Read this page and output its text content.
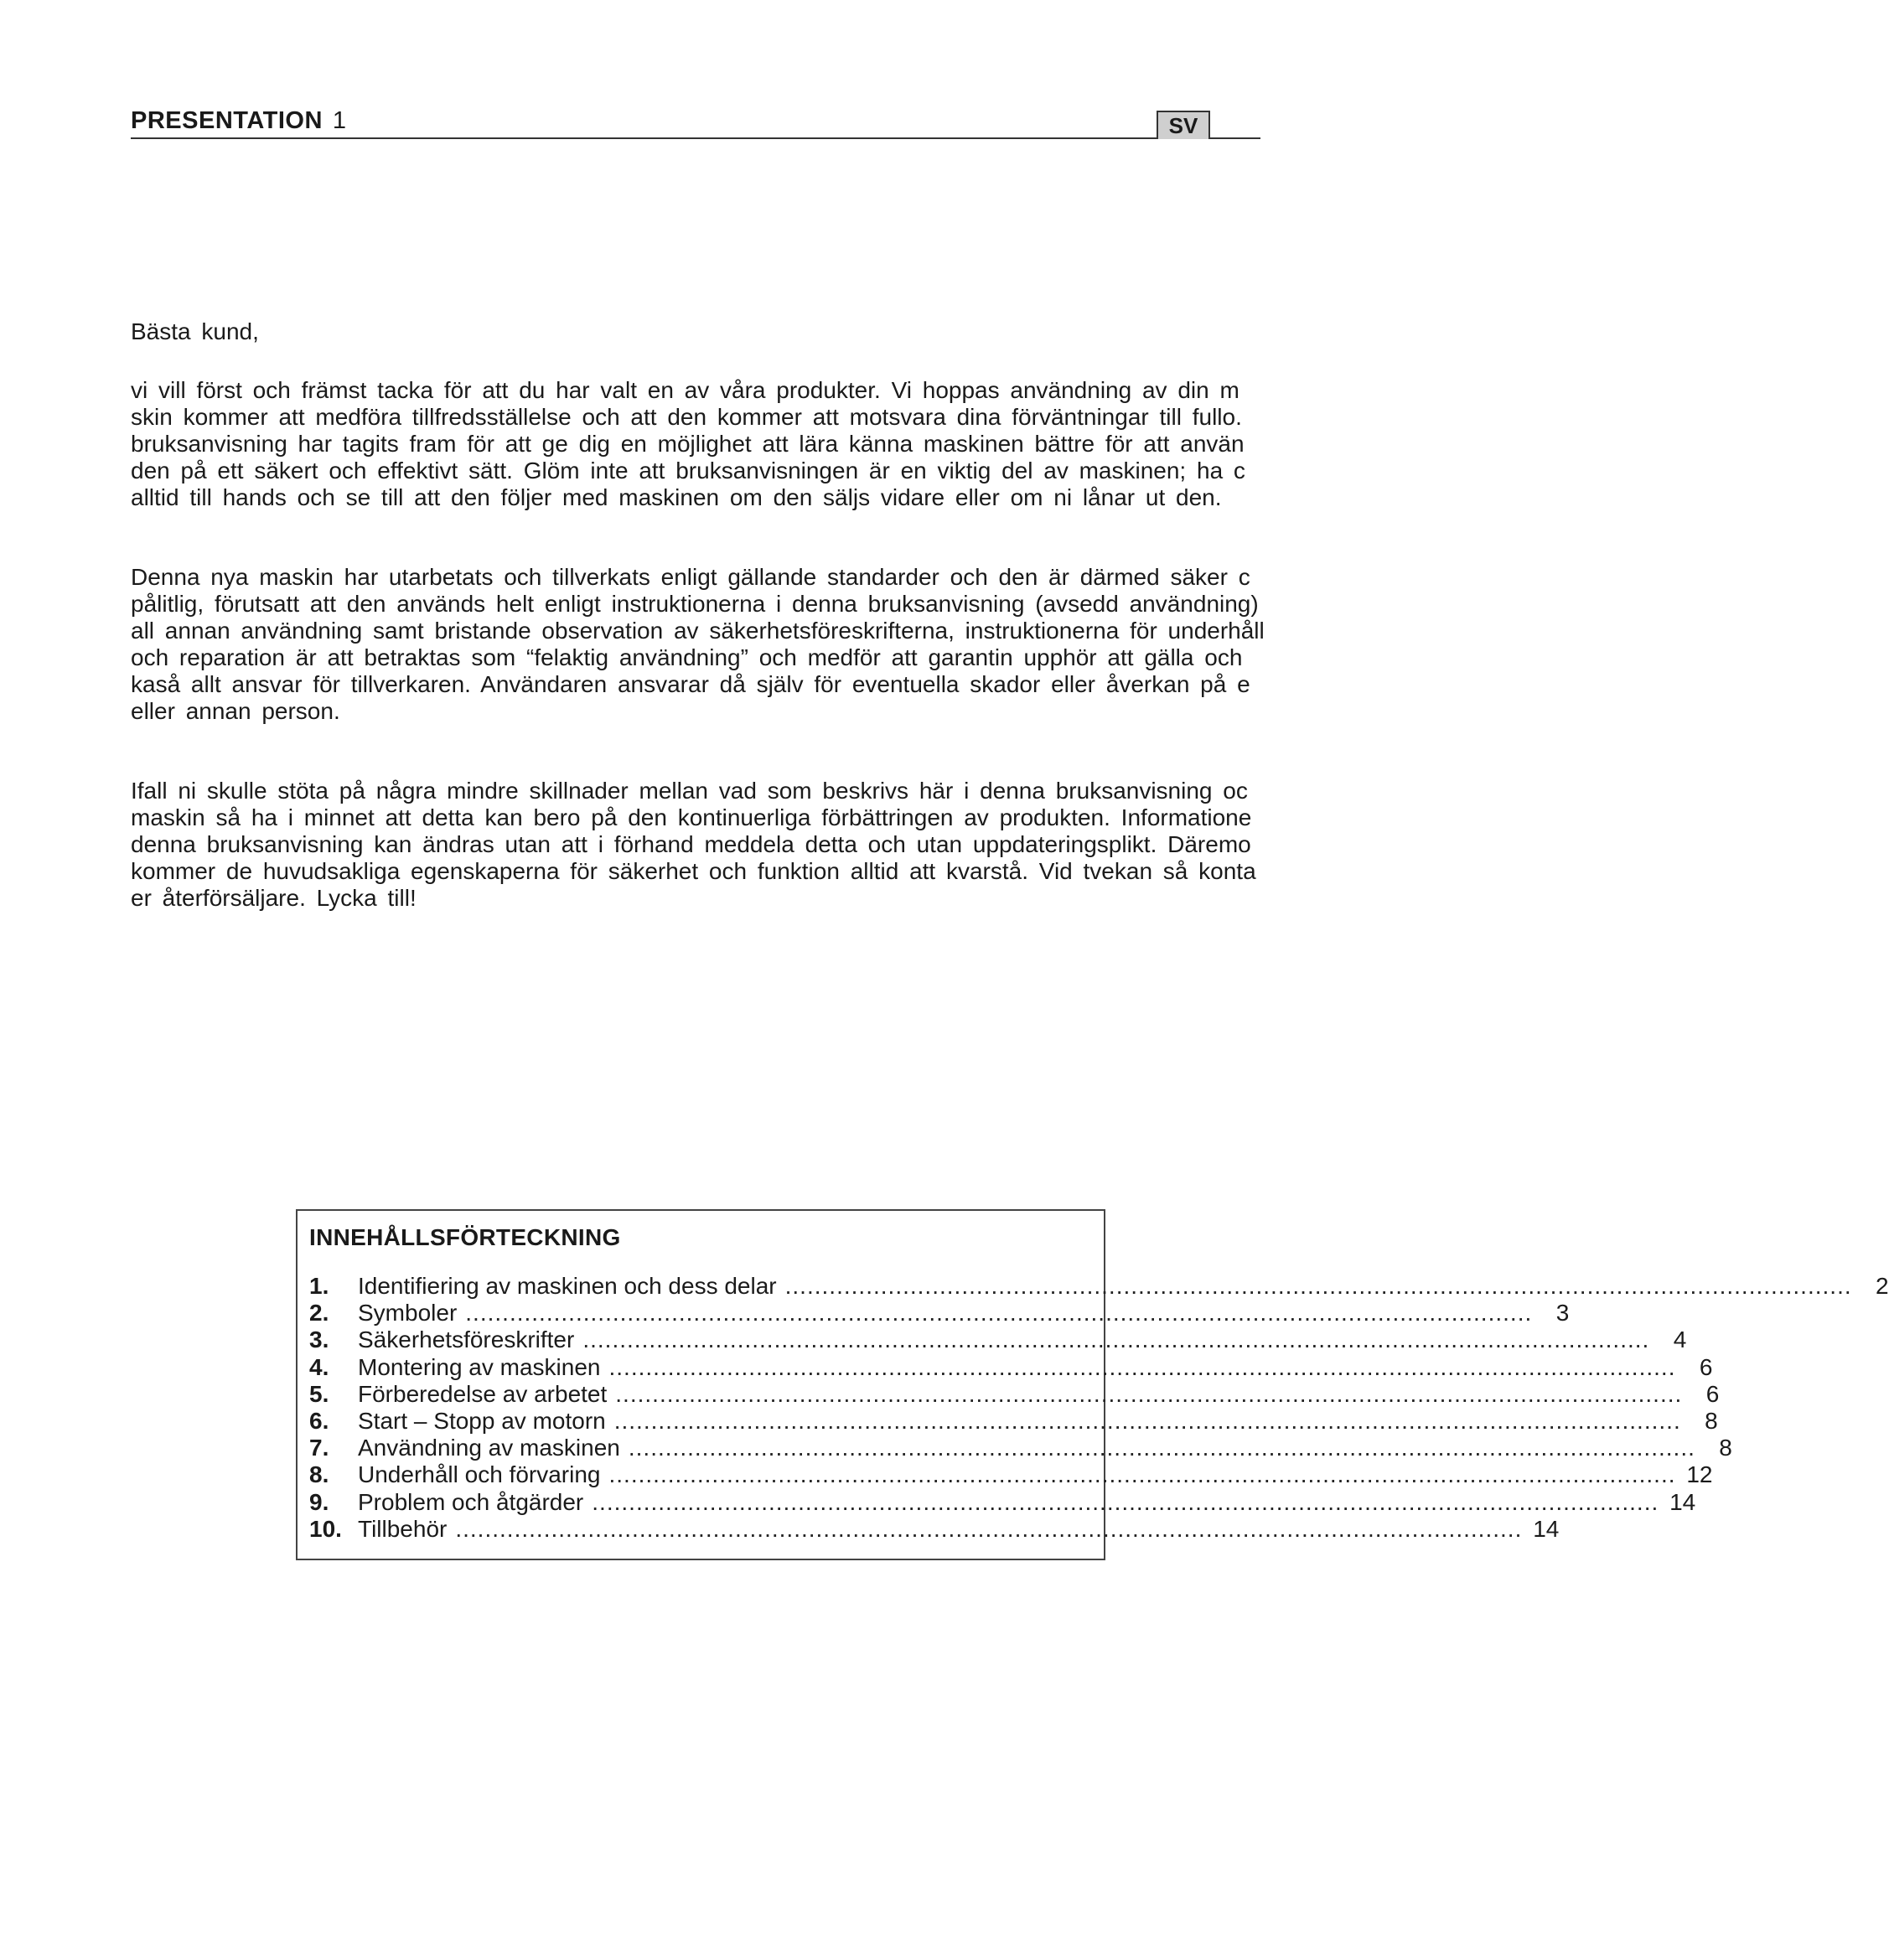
PRESENTATION 1	SV

Bästa kund,

vi vill först och främst tacka för att du har valt en av våra produkter. Vi hoppas användning av din m
skin kommer att medföra tillfredsställelse och att den kommer att motsvara dina förväntningar till fullo.
bruksanvisning har tagits fram för att ge dig en möjlighet att lära känna maskinen bättre för att använ
den på ett säkert och effektivt sätt. Glöm inte att bruksanvisningen är en viktig del av maskinen; ha c
alltid till hands och se till att den följer med maskinen om den säljs vidare eller om ni lånar ut den.

Denna nya maskin har utarbetats och tillverkats enligt gällande standarder och den är därmed säker c
pålitlig, förutsatt att den används helt enligt instruktionerna i denna bruksanvisning (avsedd användning)
all annan användning samt bristande observation av säkerhetsföreskrifterna, instruktionerna för underhåll
och reparation är att betraktas som “felaktig användning” och medför att garantin upphör att gälla och
kaså allt ansvar för tillverkaren. Användaren ansvarar då själv för eventuella skador eller åverkan på e
eller annan person.

Ifall ni skulle stöta på några mindre skillnader mellan vad som beskrivs här i denna bruksanvisning oc
maskin så ha i minnet att detta kan bero på den kontinuerliga förbättringen av produkten. Informatione
denna bruksanvisning kan ändras utan att i förhand meddela detta och utan uppdateringsplikt. Däremo
kommer de huvudsakliga egenskaperna för säkerhet och funktion alltid att kvarstå. Vid tvekan så konta
er återförsäljare. Lycka till!

INNEHÅLLSFÖRTECKNING
1.	Identifiering av maskinen och dess delar .................................................................................................................................................	2
2.	Symboler .................................................................................................................................................	3
3.	Säkerhetsföreskrifter .................................................................................................................................................	4
4.	Montering av maskinen .................................................................................................................................................	6
5.	Förberedelse av arbetet .................................................................................................................................................	6
6.	Start – Stopp av motorn .................................................................................................................................................	8
7.	Användning av maskinen .................................................................................................................................................	8
8.	Underhåll och förvaring ................................................................................................................................................. 12
9.	Problem och åtgärder ................................................................................................................................................. 14
10. Tillbehör ................................................................................................................................................. 14
